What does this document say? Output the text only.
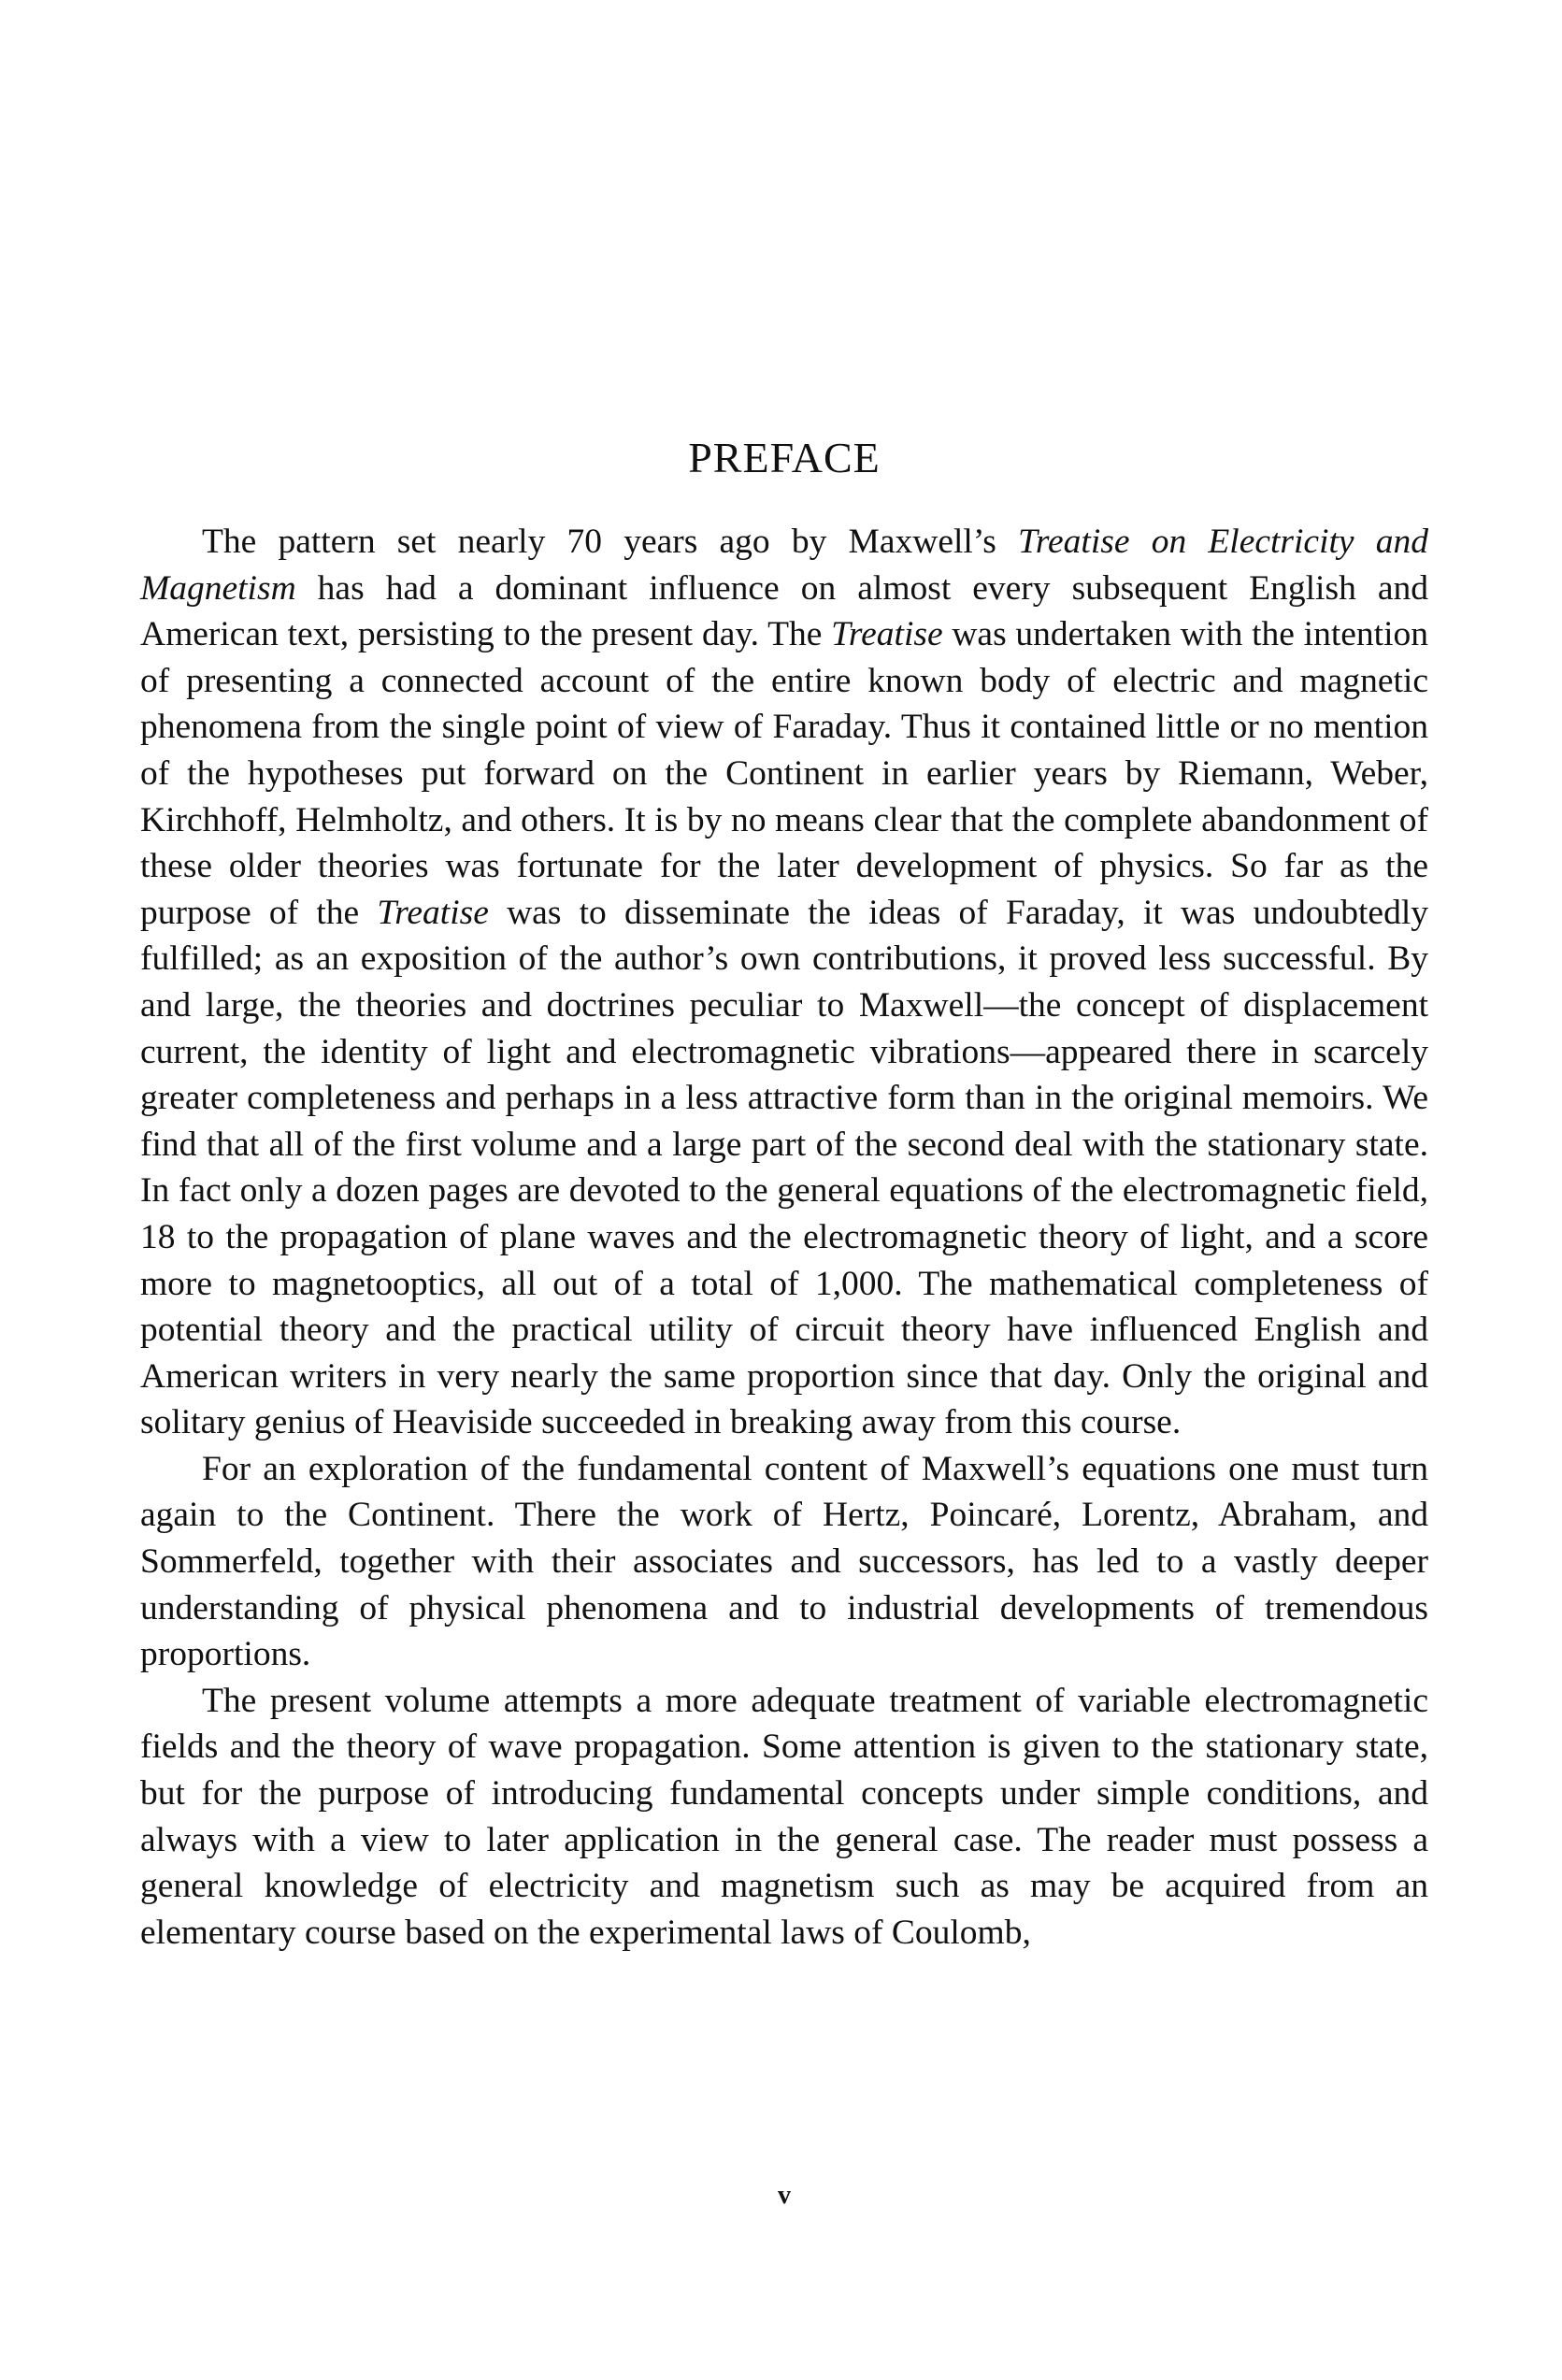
PREFACE

The pattern set nearly 70 years ago by Maxwell’s Treatise on Electricity and Magnetism has had a dominant influence on almost every subsequent English and American text, persisting to the present day. The Treatise was undertaken with the intention of presenting a connected account of the entire known body of electric and magnetic phenomena from the single point of view of Faraday. Thus it contained little or no mention of the hypotheses put forward on the Continent in earlier years by Riemann, Weber, Kirchhoff, Helmholtz, and others. It is by no means clear that the complete abandonment of these older theories was fortunate for the later development of physics. So far as the purpose of the Treatise was to disseminate the ideas of Faraday, it was undoubtedly fulfilled; as an exposition of the author’s own contributions, it proved less successful. By and large, the theories and doctrines peculiar to Maxwell—the concept of displacement current, the identity of light and electromagnetic vibrations—appeared there in scarcely greater completeness and perhaps in a less attractive form than in the original memoirs. We find that all of the first volume and a large part of the second deal with the stationary state. In fact only a dozen pages are devoted to the general equations of the electromagnetic field, 18 to the propagation of plane waves and the electromagnetic theory of light, and a score more to magnetooptics, all out of a total of 1,000. The mathematical completeness of potential theory and the practical utility of circuit theory have influenced English and American writers in very nearly the same proportion since that day. Only the original and solitary genius of Heaviside succeeded in breaking away from this course.

For an exploration of the fundamental content of Maxwell’s equations one must turn again to the Continent. There the work of Hertz, Poincaré, Lorentz, Abraham, and Sommerfeld, together with their associates and successors, has led to a vastly deeper understanding of physical phenomena and to industrial developments of tremendous proportions.

The present volume attempts a more adequate treatment of variable electromagnetic fields and the theory of wave propagation. Some attention is given to the stationary state, but for the purpose of introducing fundamental concepts under simple conditions, and always with a view to later application in the general case. The reader must possess a general knowledge of electricity and magnetism such as may be acquired from an elementary course based on the experimental laws of Coulomb,

v
